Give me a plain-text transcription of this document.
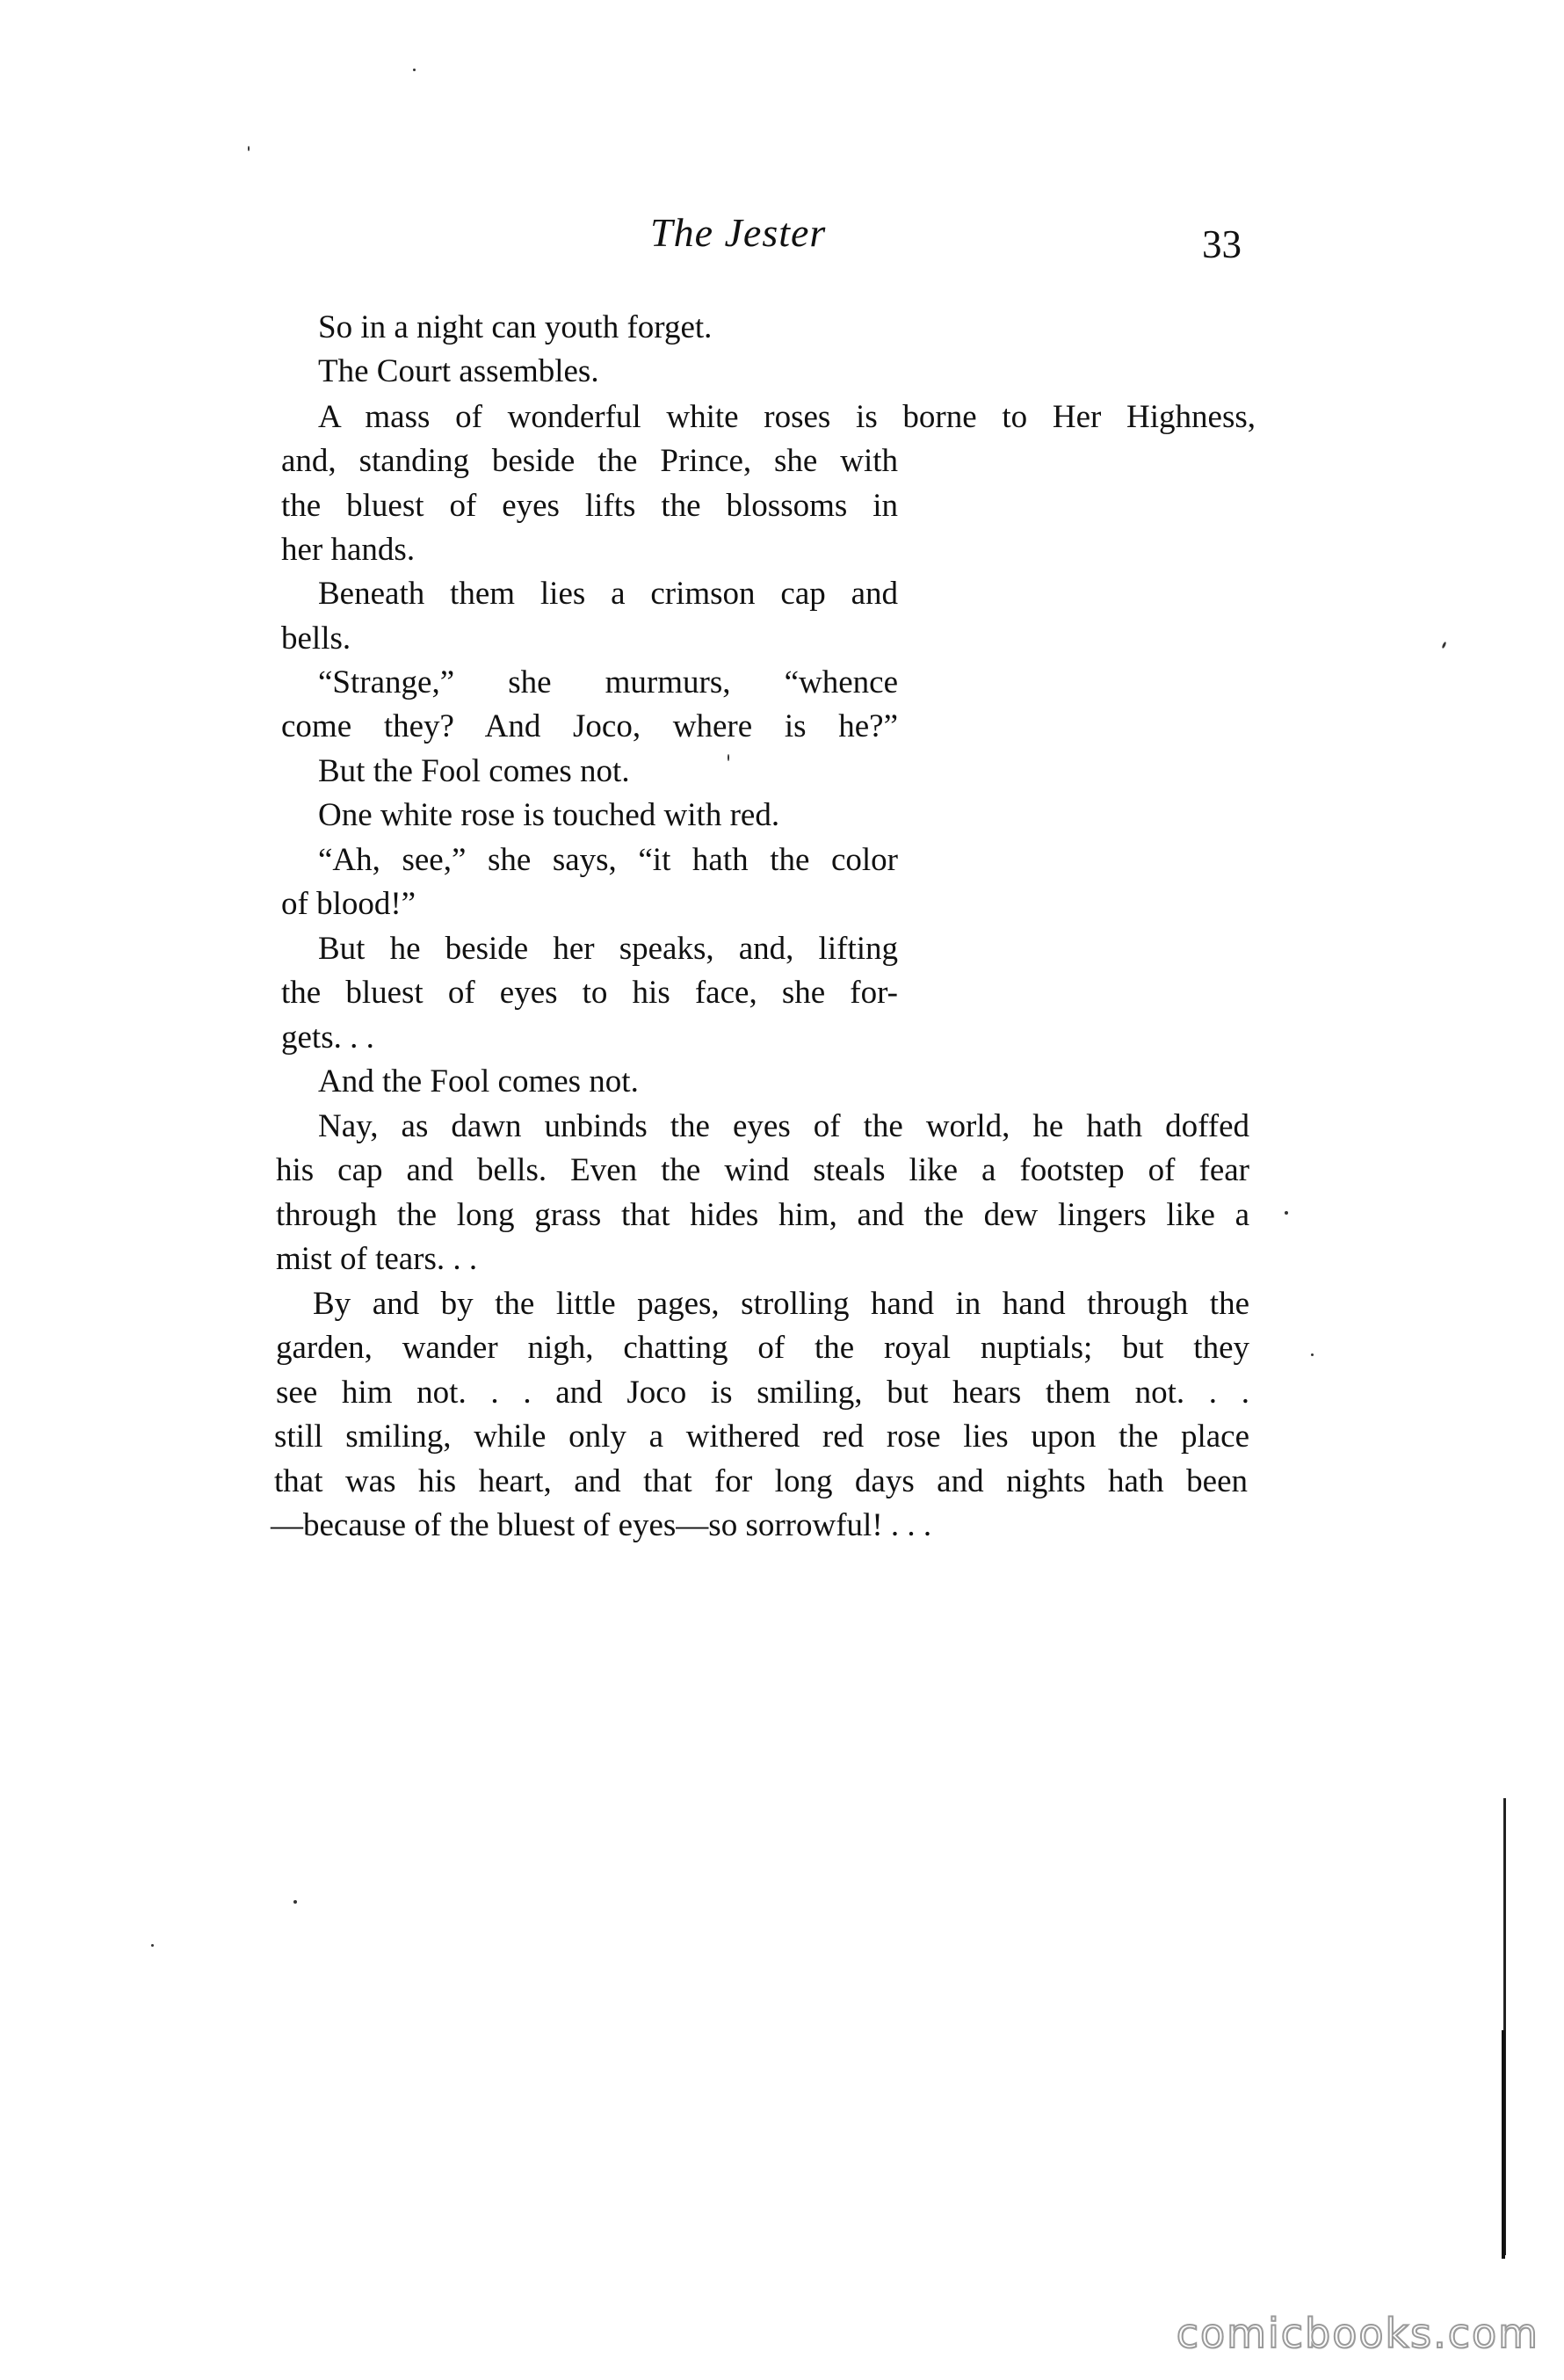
The Jester	33

So in a night can youth forget.

The Court assembles.

A mass of wonderful white roses is borne to Her Highness,

and, standing beside the Prince, she with

the bluest of eyes lifts the blossoms in

her hands.

Beneath them lies a crimson cap and

bells.

“Strange,” she murmurs, “whence

come they? And Joco, where is he?”

But the Fool comes not.

One white rose is touched with red.

“Ah, see,” she says, “it hath the color

of blood!”

But he beside her speaks, and, lifting

the bluest of eyes to his face, she for-

gets. . .

And the Fool comes not.

Nay, as dawn unbinds the eyes of the world, he hath doffed

his cap and bells. Even the wind steals like a footstep of fear

through the long grass that hides him, and the dew lingers like a

mist of tears. . .

By and by the little pages, strolling hand in hand through the

garden, wander nigh, chatting of the royal nuptials; but they

see him not. . . and Joco is smiling, but hears them not. . .

still smiling, while only a withered red rose lies upon the place

that was his heart, and that for long days and nights hath been

—because of the bluest of eyes—so sorrowful! . . .

comicbooks.com
